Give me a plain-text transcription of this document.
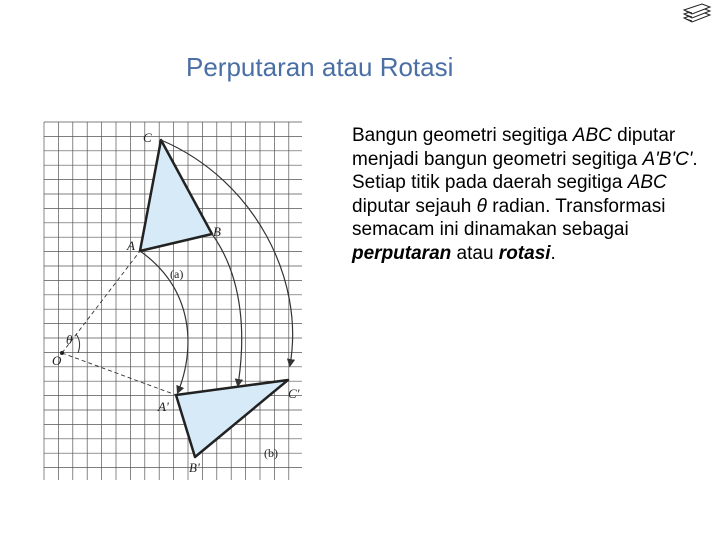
Perputaran atau Rotasi
C
B
A
(a)
O
θ
C'
A'
B'
(b)
Bangun geometri segitiga ABC diputar menjadi bangun geometri segitiga A'B'C'. Setiap titik pada daerah segitiga ABC diputar sejauh θ radian. Transformasi semacam ini dinamakan sebagai perputaran atau rotasi.
